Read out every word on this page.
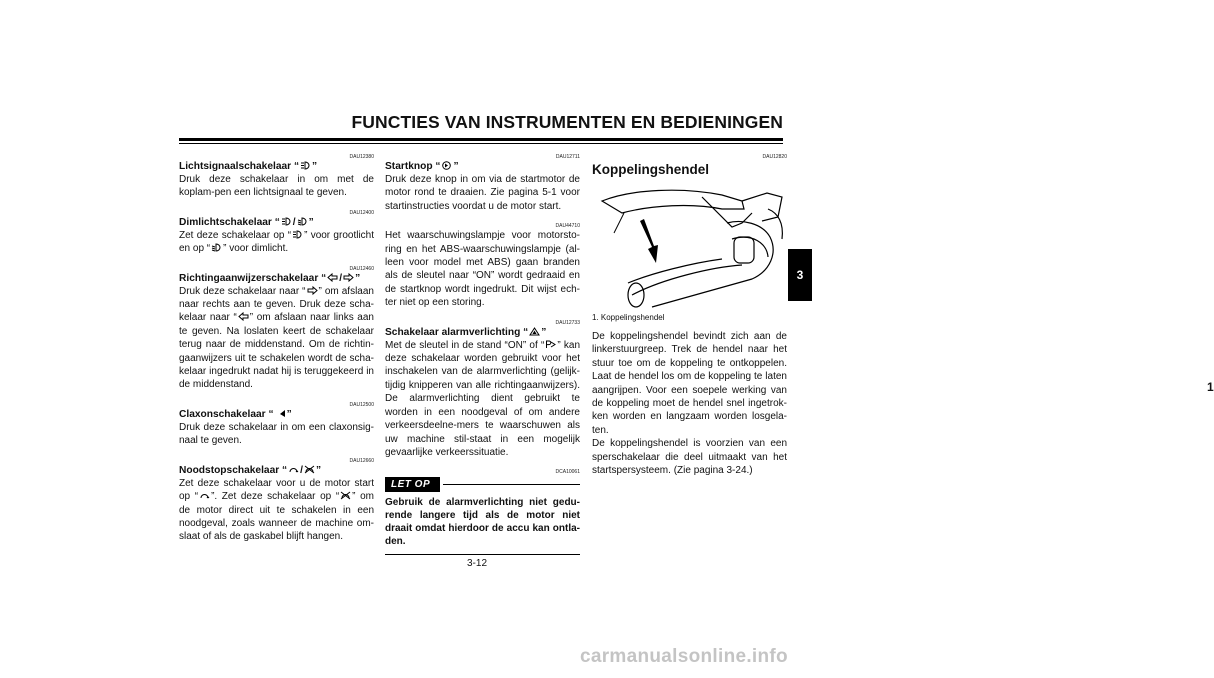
FUNCTIES VAN INSTRUMENTEN EN BEDIENINGEN
3
DAU12380
Lichtsignaalschakelaar “ ”
Druk deze schakelaar in om met de koplam-pen een lichtsignaal te geven.
DAU12400
Dimlichtschakelaar “ / ”
Zet deze schakelaar op “ ” voor grootlicht en op “ ” voor dimlicht.
DAU12460
Richtingaanwijzerschakelaar “ / ”
Druk deze schakelaar naar “ ” om afslaan naar rechts aan te geven. Druk deze scha-kelaar naar “ ” om afslaan naar links aan te geven. Na loslaten keert de schakelaar terug naar de middenstand. Om de richtin-gaanwijzers uit te schakelen wordt de scha-kelaar ingedrukt nadat hij is teruggekeerd in de middenstand.
DAU12500
Claxonschakelaar “ ”
Druk deze schakelaar in om een claxonsig-naal te geven.
DAU12660
Noodstopschakelaar “ / ”
Zet deze schakelaar voor u de motor start op “ ”. Zet deze schakelaar op “ ” om de motor direct uit te schakelen in een noodgeval, zoals wanneer de machine om-slaat of als de gaskabel blijft hangen.
DAU12711
Startknop “ ”
Druk deze knop in om via de startmotor de motor rond te draaien. Zie pagina 5-1 voor startinstructies voordat u de motor start.
DAU44710
Het waarschuwingslampje voor motorsto-ring en het ABS-waarschuwingslampje (al-leen voor model met ABS) gaan branden als de sleutel naar “ON” wordt gedraaid en de startknop wordt ingedrukt. Dit wijst ech-ter niet op een storing.
DAU12733
Schakelaar alarmverlichting “ ”
Met de sleutel in de stand “ON” of “ ” kan deze schakelaar worden gebruikt voor het inschakelen van de alarmverlichting (gelijk-tijdig knipperen van alle richtingaanwijzers). De alarmverlichting dient gebruikt te worden in een noodgeval of om andere verkeersdeelne-mers te waarschuwen als uw machine stil-staat in een mogelijk gevaarlijke verkeerssituatie.
DCA10061
LET OP
Gebruik de alarmverlichting niet gedu-rende langere tijd als de motor niet draait omdat hierdoor de accu kan ontla-den.
DAU12820
Koppelingshendel
1
1. Koppelingshendel
De koppelingshendel bevindt zich aan de linkerstuurgreep. Trek de hendel naar het stuur toe om de koppeling te ontkoppelen. Laat de hendel los om de koppeling te laten aangrijpen. Voor een soepele werking van de koppeling moet de hendel snel ingetrok-ken worden en langzaam worden losgela-ten.
De koppelingshendel is voorzien van een sperschakelaar die deel uitmaakt van het startspersysteem. (Zie pagina 3-24.)
3-12
carmanualsonline.info
